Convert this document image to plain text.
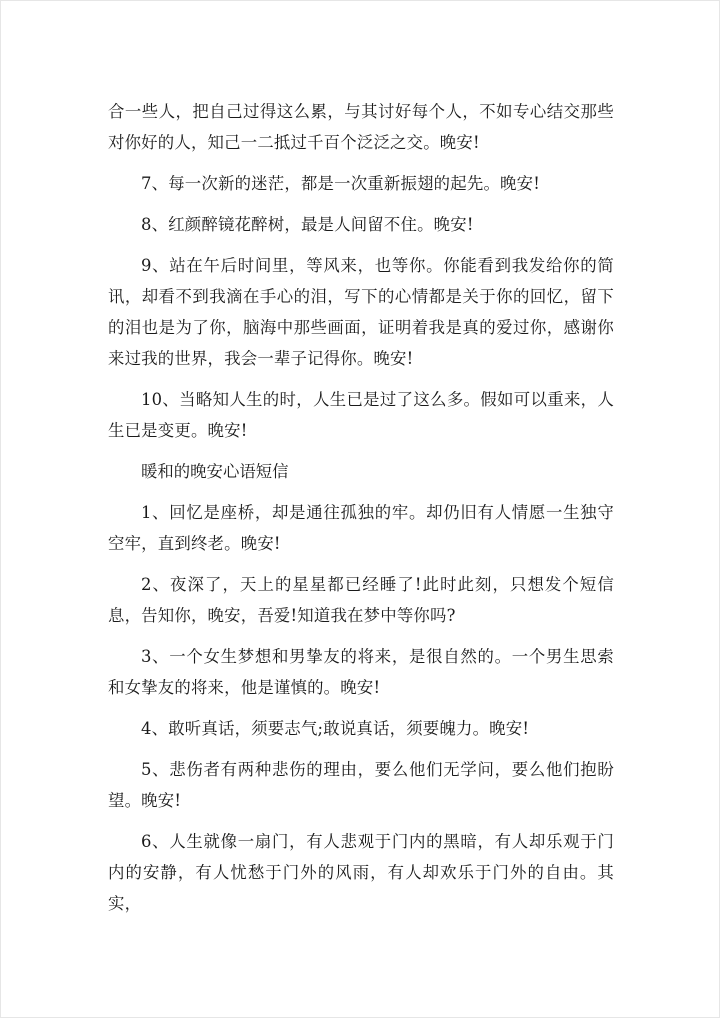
合一些人，把自己过得这么累，与其讨好每个人，不如专心结交那些对你好的人，知己一二抵过千百个泛泛之交。晚安!

7、每一次新的迷茫，都是一次重新振翅的起先。晚安!

8、红颜醉镜花醉树，最是人间留不住。晚安!

9、站在午后时间里，等风来，也等你。你能看到我发给你的简讯，却看不到我滴在手心的泪，写下的心情都是关于你的回忆，留下的泪也是为了你，脑海中那些画面，证明着我是真的爱过你，感谢你来过我的世界，我会一辈子记得你。晚安!

10、当略知人生的时，人生已是过了这么多。假如可以重来，人生已是变更。晚安!

暖和的晚安心语短信

1、回忆是座桥，却是通往孤独的牢。却仍旧有人情愿一生独守空牢，直到终老。晚安!

2、夜深了，天上的星星都已经睡了!此时此刻，只想发个短信息，告知你，晚安，吾爱!知道我在梦中等你吗?

3、一个女生梦想和男挚友的将来，是很自然的。一个男生思索和女挚友的将来，他是谨慎的。晚安!

4、敢听真话，须要志气;敢说真话，须要魄力。晚安!

5、悲伤者有两种悲伤的理由，要么他们无学问，要么他们抱盼望。晚安!

6、人生就像一扇门，有人悲观于门内的黑暗，有人却乐观于门内的安静，有人忧愁于门外的风雨，有人却欢乐于门外的自由。其实，
